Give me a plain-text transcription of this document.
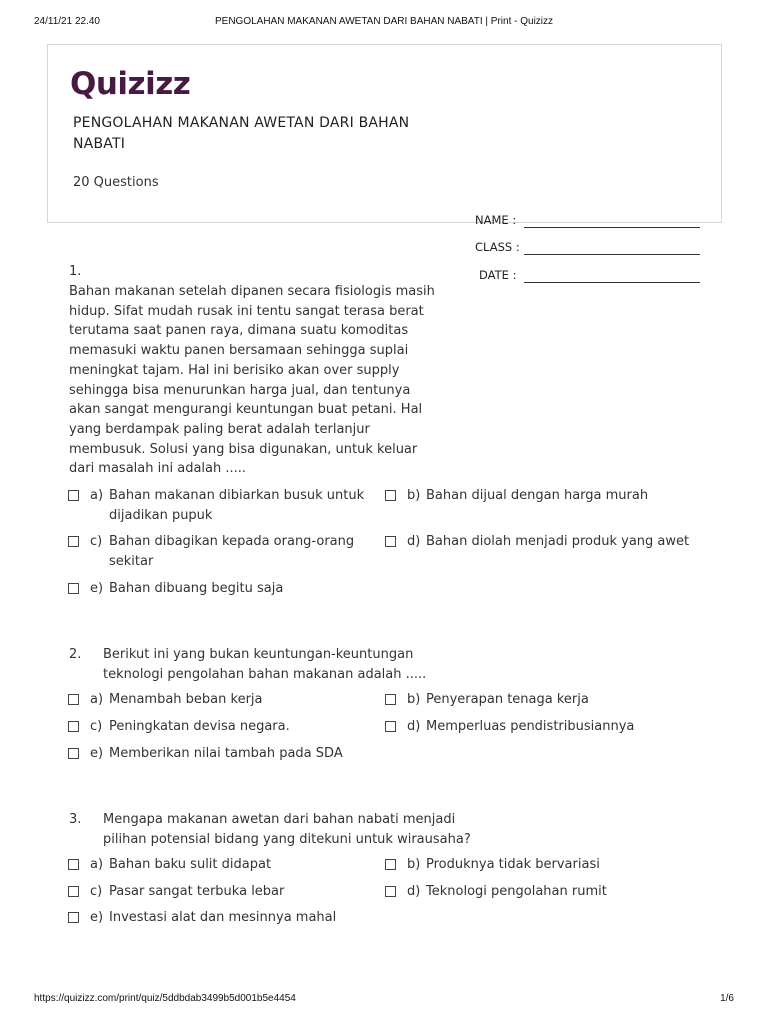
24/11/21 22.40	PENGOLAHAN MAKANAN AWETAN DARI BAHAN NABATI | Print - Quizizz
Quizizz
PENGOLAHAN MAKANAN AWETAN DARI BAHAN
NABATI
20 Questions
NAME :
CLASS :
DATE :
1.
Bahan makanan setelah dipanen secara fisiologis masih
hidup. Sifat mudah rusak ini tentu sangat terasa berat
terutama saat panen raya, dimana suatu komoditas
memasuki waktu panen bersamaan sehingga suplai
meningkat tajam. Hal ini berisiko akan over supply
sehingga bisa menurunkan harga jual, dan tentunya
akan sangat mengurangi keuntungan buat petani. Hal
yang berdampak paling berat adalah terlanjur
membusuk. Solusi yang bisa digunakan, untuk keluar
dari masalah ini adalah .....
a) Bahan makanan dibiarkan busuk untuk
dijadikan pupuk
b) Bahan dijual dengan harga murah
c) Bahan dibagikan kepada orang-orang
sekitar
d) Bahan diolah menjadi produk yang awet
e) Bahan dibuang begitu saja
2. Berikut ini yang bukan keuntungan-keuntungan
teknologi pengolahan bahan makanan adalah .....
a) Menambah beban kerja	b) Penyerapan tenaga kerja
c) Peningkatan devisa negara.	d) Memperluas pendistribusiannya
e) Memberikan nilai tambah pada SDA
3. Mengapa makanan awetan dari bahan nabati menjadi
pilihan potensial bidang yang ditekuni untuk wirausaha?
a) Bahan baku sulit didapat	b) Produknya tidak bervariasi
c) Pasar sangat terbuka lebar	d) Teknologi pengolahan rumit
e) Investasi alat dan mesinnya mahal
https://quizizz.com/print/quiz/5ddbdab3499b5d001b5e4454	1/6
